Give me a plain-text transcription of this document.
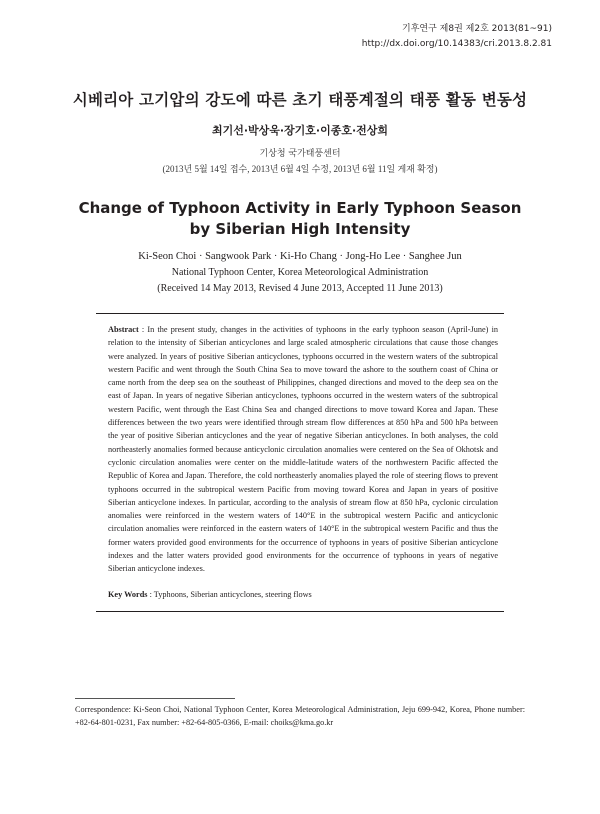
기후연구 제8권 제2호 2013(81~91)
http://dx.doi.org/10.14383/cri.2013.8.2.81
시베리아 고기압의 강도에 따른 초기 태풍계절의 태풍 활동 변동성
최기선·박상욱·장기호·이종호·전상희
기상청 국가태풍센터
(2013년 5월 14일 접수, 2013년 6월 4일 수정, 2013년 6월 11일 게재 확정)
Change of Typhoon Activity in Early Typhoon Season
by Siberian High Intensity
Ki-Seon Choi · Sangwook Park · Ki-Ho Chang · Jong-Ho Lee · Sanghee Jun
National Typhoon Center, Korea Meteorological Administration
(Received 14 May 2013, Revised 4 June 2013, Accepted 11 June 2013)
Abstract : In the present study, changes in the activities of typhoons in the early typhoon season (April-June) in relation to the intensity of Siberian anticyclones and large scaled atmospheric circulations that cause those changes were analyzed. In years of positive Siberian anticyclones, typhoons occurred in the western waters of the subtropical western Pacific and went through the South China Sea to move toward the ashore to the southern coast of China or came north from the deep sea on the southeast of Philippines, changed directions and moved to the deep sea on the east of Japan. In years of negative Siberian anticyclones, typhoons occurred in the western waters of the subtropical western Pacific, went through the East China Sea and changed directions to move toward Korea and Japan. These differences between the two years were identified through stream flow differences at 850 hPa and 500 hPa between the year of positive Siberian anticyclones and the year of negative Siberian anticyclones. In both analyses, the cold northeasterly anomalies formed because anticyclonic circulation anomalies were centered on the Sea of Okhotsk and cyclonic circulation anomalies were center on the middle-latitude waters of the northwestern Pacific affected the Republic of Korea and Japan. Therefore, the cold northeasterly anomalies played the role of steering flows to prevent typhoons occurred in the subtropical western Pacific from moving toward Korea and Japan in years of positive Siberian anticyclone indexes. In particular, according to the analysis of stream flow at 850 hPa, cyclonic circulation anomalies were reinforced in the western waters of 140°E in the subtropical western Pacific and anticyclonic circulation anomalies were reinforced in the eastern waters of 140°E in the subtropical western Pacific and thus the former waters provided good environments for the occurrence of typhoons in years of positive Siberian anticyclone indexes and the latter waters provided good environments for the occurrence of typhoons in years of negative Siberian anticyclone indexes.
Key Words : Typhoons, Siberian anticyclones, steering flows
Correspondence: Ki-Seon Choi, National Typhoon Center, Korea Meteorological Administration, Jeju 699-942, Korea, Phone number: +82-64-801-0231, Fax number: +82-64-805-0366, E-mail: choiks@kma.go.kr
